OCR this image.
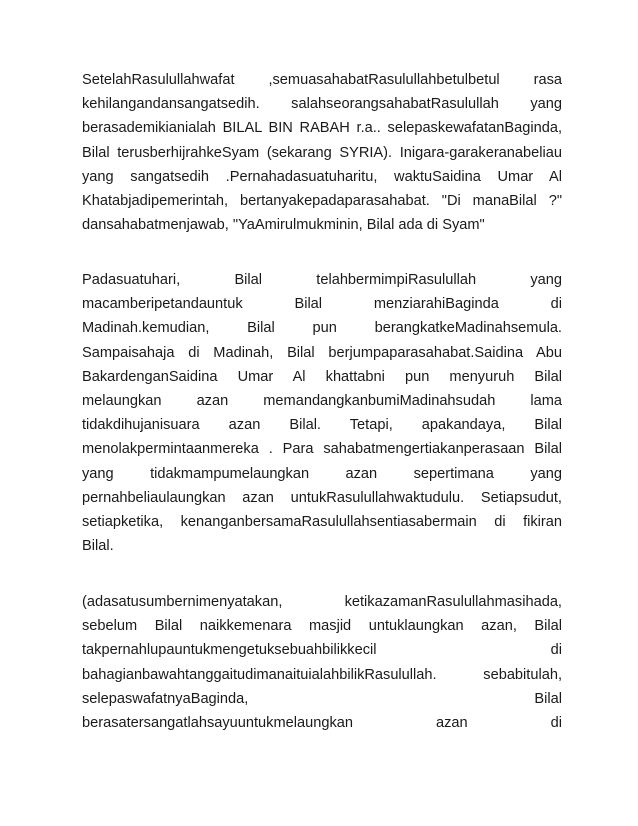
SetelahRasulullahwafat ,semuasahabatRasulullahbetulbetul rasa
kehilangandansangatsedih. salahseorangsahabatRasulullah yang
berasademikianialah BILAL BIN RABAH r.a.. selepaskewafatanBaginda,
Bilal terusberhijrahkeSyam (sekarang SYRIA). Inigara-garakeranabeliau
yang sangatsedih .Pernahadasuatuharitu, waktuSaidina Umar Al
Khatabjadipemerintah, bertanyakepadaparasahabat. "Di manaBilal ?"
dansahabatmenjawab, "YaAmirulmukminin, Bilal ada di Syam"
Padasuatuhari, Bilal telahbermimpiRasulullah yang
macamberipetandauntuk Bilal menziarahiBaginda di
Madinah.kemudian, Bilal pun berangkatkeMadinahsemula.
Sampaisahaja di Madinah, Bilal berjumpaparasahabat.Saidina Abu
BakardenganSaidina Umar Al khattabni pun menyuruh Bilal
melaungkan azan memandangkanbumiMadinahsudah lama
tidakdihujanisuara azan Bilal. Tetapi, apakandaya, Bilal
menolakpermintaanmereka . Para sahabatmengertiakanperasaan Bilal
yang tidakmampumelaungkan azan sepertimana yang
pernahbeliaulaungkan azan untukRasulullahwaktudulu. Setiapsudut,
setiapketika, kenanganbersamaRasulullahsentiasabermain di fikiran
Bilal.
(adasatusumbernimenyatakan, ketikazamanRasulullahmasihada,
sebelum Bilal naikkemenara masjid untuklaungkan azan, Bilal
takpernahlupauntukmengetuksebuahbilikkecil di
bahagianbawahtanggaitudimanaituialahbilikRasulullah. sebabitulah,
selepaswafatnyaBaginda, Bilal
berasatersangatlahsayuuntukmelaungkan azan di
